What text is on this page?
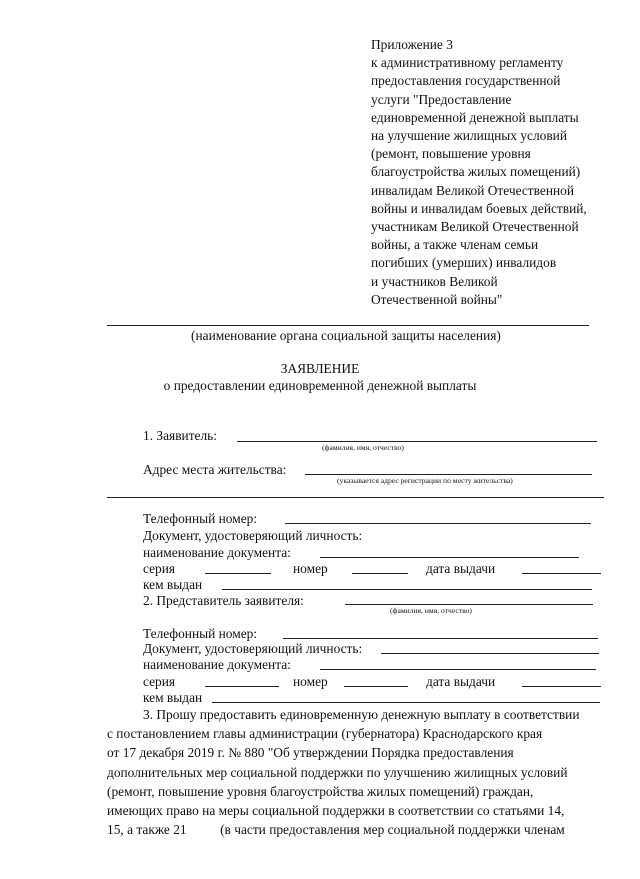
Приложение 3
к административному регламенту
предоставления государственной
услуги "Предоставление
единовременной денежной выплаты
на улучшение жилищных условий
(ремонт, повышение уровня
благоустройства жилых помещений)
инвалидам Великой Отечественной
войны и инвалидам боевых действий,
участникам Великой Отечественной
войны, а также членам семьи
погибших (умерших) инвалидов
и участников Великой
Отечественной войны"
(наименование органа социальной защиты населения)
ЗАЯВЛЕНИЕ
о предоставлении единовременной денежной выплаты
1. Заявитель:
(фамилия, имя, отчество)
Адрес места жительства:
(указывается адрес регистрации по месту жительства)
Телефонный номер:
Документ, удостоверяющий личность:
наименование документа:
серия	номер	дата выдачи
кем выдан
2. Представитель заявителя:
(фамилия, имя, отчество)
Телефонный номер:
Документ, удостоверяющий личность:
наименование документа:
серия	номер	дата выдачи
кем выдан
3. Прошу предоставить единовременную денежную выплату в соответствии
с постановлением главы администрации (губернатора) Краснодарского края
от 17 декабря 2019 г. № 880 "Об утверждении Порядка предоставления
дополнительных мер социальной поддержки по улучшению жилищных условий
(ремонт, повышение уровня благоустройства жилых помещений) граждан,
имеющих право на меры социальной поддержки в соответствии со статьями 14,
15, а также 21          (в части предоставления мер социальной поддержки членам
